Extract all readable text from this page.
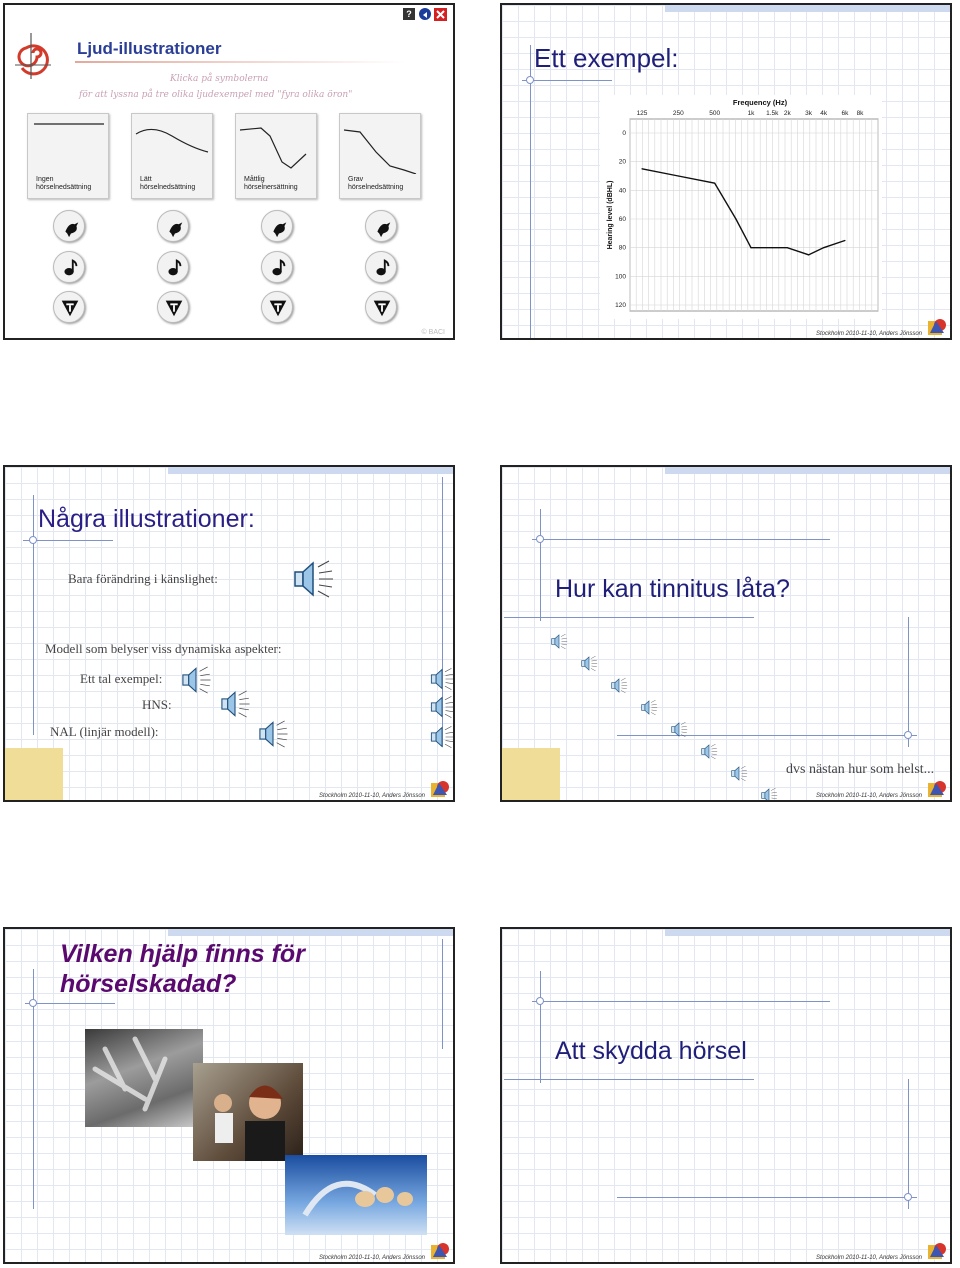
?
Ljud-illustrationer
Klicka på symbolerna
för att lyssna på tre olika ljudexempel med "fyra olika öron"
Ingen
hörselnedsättning
Lätt
hörselnedsättning
Måttlig
hörselnersättning
Grav
hörselnedsättning
© BACI
Ett exempel:
125	250	500	1k 1.5k 2k 3k 4k 6k 8k
0
20
40
60
80
100
120
Frequency (Hz)
Hearing level (dBHL)
Stockholm 2010-11-10, Anders Jönsson
Några illustrationer:
Bara förändring i känslighet:
Modell som belyser viss dynamiska aspekter:
Ett tal exempel:
HNS:
NAL (linjär modell):
Stockholm 2010-11-10, Anders Jönsson
Hur kan tinnitus låta?
dvs nästan hur som helst...
Stockholm 2010-11-10, Anders Jönsson
Vilken hjälp finns för
hörselskadad?
Stockholm 2010-11-10, Anders Jönsson
Att skydda hörsel
Stockholm 2010-11-10, Anders Jönsson
